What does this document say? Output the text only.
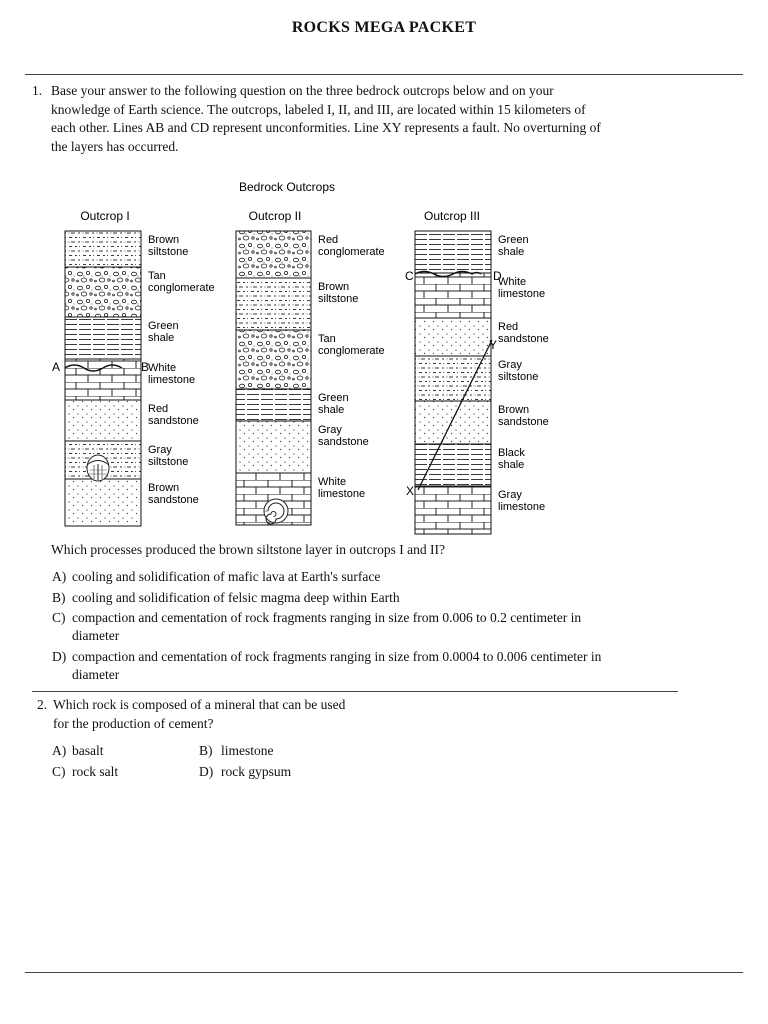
ROCKS MEGA PACKET
1. Base your answer to the following question on the three bedrock outcrops below and on your
knowledge of Earth science. The outcrops, labeled I, II, and III, are located within 15 kilometers of
each other. Lines AB and CD represent unconformities. Line XY represents a fault. No overturning of
the layers has occurred.
Bedrock Outcrops
Outcrop I
Brown siltstone
Tan conglomerate
Green shale
White limestone
Red sandstone
Gray siltstone
Brown sandstone
Outcrop II
Red conglomerate
Brown siltstone
Tan conglomerate
Green shale
Gray sandstone
White limestone
Outcrop III
Green shale
White limestone
Red sandstone
Gray siltstone
Brown sandstone
Black shale
Gray limestone
A	B
C	D
X
Y
Which processes produced the brown siltstone layer in outcrops I and II?
A) cooling and solidification of mafic lava at Earth's surface
B) cooling and solidification of felsic magma deep within Earth
C) compaction and cementation of rock fragments ranging in size from 0.006 to 0.2 centimeter in
diameter
D) compaction and cementation of rock fragments ranging in size from 0.0004 to 0.006 centimeter in
diameter
2. Which rock is composed of a mineral that can be used
for the production of cement?
A) basalt	B) limestone
C) rock salt	D) rock gypsum
